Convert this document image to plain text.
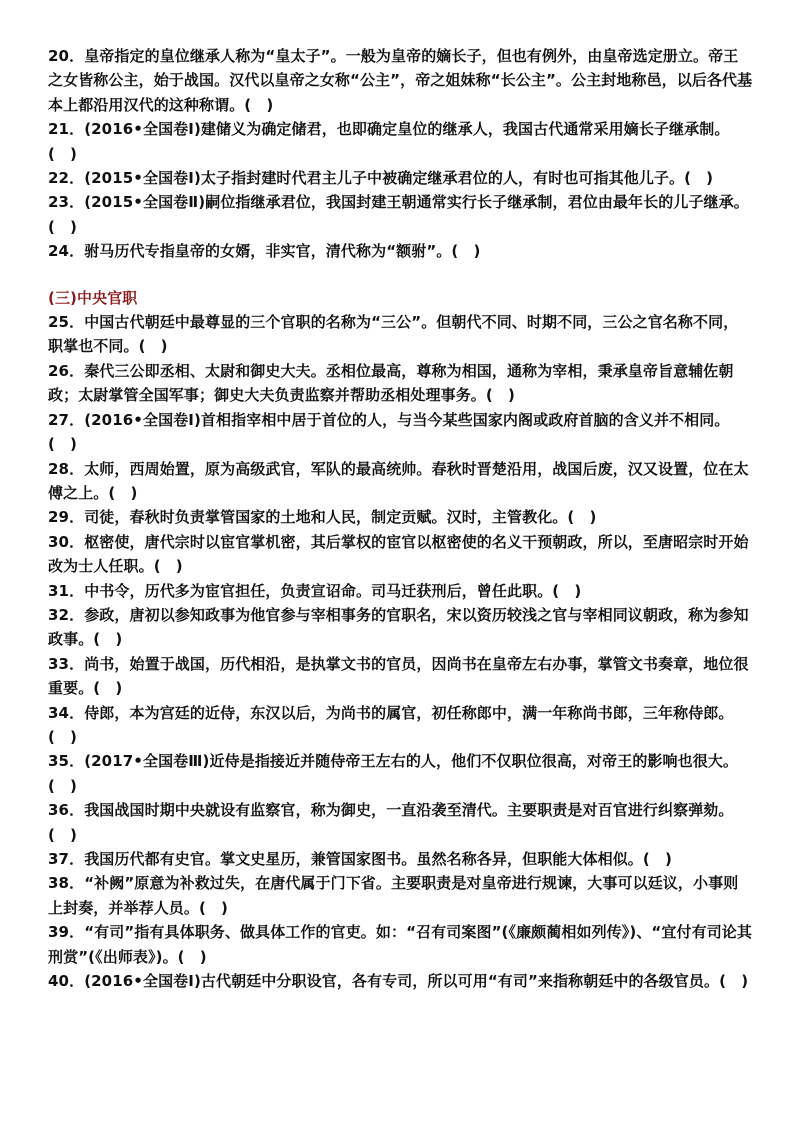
20．皇帝指定的皇位继承人称为“皇太子”。一般为皇帝的嫡长子，但也有例外，由皇帝选定册立。帝王之女皆称公主，始于战国。汉代以皇帝之女称“公主”，帝之姐妹称“长公主”。公主封地称邑，以后各代基本上都沿用汉代的这种称谓。(　)

21．(2016•全国卷Ⅰ)建储义为确定储君，也即确定皇位的继承人，我国古代通常采用嫡长子继承制。(　)

22．(2015•全国卷Ⅰ)太子指封建时代君主儿子中被确定继承君位的人，有时也可指其他儿子。(　)

23．(2015•全国卷Ⅱ)嗣位指继承君位，我国封建王朝通常实行长子继承制，君位由最年长的儿子继承。(　)

24．驸马历代专指皇帝的女婿，非实官，清代称为“额驸”。(　)

(三)中央官职

25．中国古代朝廷中最尊显的三个官职的名称为“三公”。但朝代不同、时期不同，三公之官名称不同，职掌也不同。(　)

26．秦代三公即丞相、太尉和御史大夫。丞相位最高，尊称为相国，通称为宰相，秉承皇帝旨意辅佐朝政；太尉掌管全国军事；御史大夫负责监察并帮助丞相处理事务。(　)

27．(2016•全国卷Ⅰ)首相指宰相中居于首位的人，与当今某些国家内阁或政府首脑的含义并不相同。(　)

28．太师，西周始置，原为高级武官，军队的最高统帅。春秋时晋楚沿用，战国后废，汉又设置，位在太傅之上。(　)

29．司徒，春秋时负责掌管国家的土地和人民，制定贡赋。汉时，主管教化。(　)

30．枢密使，唐代宗时以宦官掌机密，其后掌权的宦官以枢密使的名义干预朝政，所以，至唐昭宗时开始改为士人任职。(　)

31．中书令，历代多为宦官担任，负责宣诏命。司马迁获刑后，曾任此职。(　)

32．参政，唐初以参知政事为他官参与宰相事务的官职名，宋以资历较浅之官与宰相同议朝政，称为参知政事。(　)

33．尚书，始置于战国，历代相沿，是执掌文书的官员，因尚书在皇帝左右办事，掌管文书奏章，地位很重要。(　)

34．侍郎，本为宫廷的近侍，东汉以后，为尚书的属官，初任称郎中，满一年称尚书郎，三年称侍郎。(　)

35．(2017•全国卷Ⅲ)近侍是指接近并随侍帝王左右的人，他们不仅职位很高，对帝王的影响也很大。(　)

36．我国战国时期中央就设有监察官，称为御史，一直沿袭至清代。主要职责是对百官进行纠察弹劾。(　)

37．我国历代都有史官。掌文史星历，兼管国家图书。虽然名称各异，但职能大体相似。(　)

38．“补阙”原意为补救过失，在唐代属于门下省。主要职责是对皇帝进行规谏，大事可以廷议，小事则上封奏，并举荐人员。(　)

39．“有司”指有具体职务、做具体工作的官吏。如：“召有司案图”(《廉颇蔺相如列传》)、“宜付有司论其刑赏”(《出师表》)。(　)

40．(2016•全国卷Ⅰ)古代朝廷中分职设官，各有专司，所以可用“有司”来指称朝廷中的各级官员。(　)
